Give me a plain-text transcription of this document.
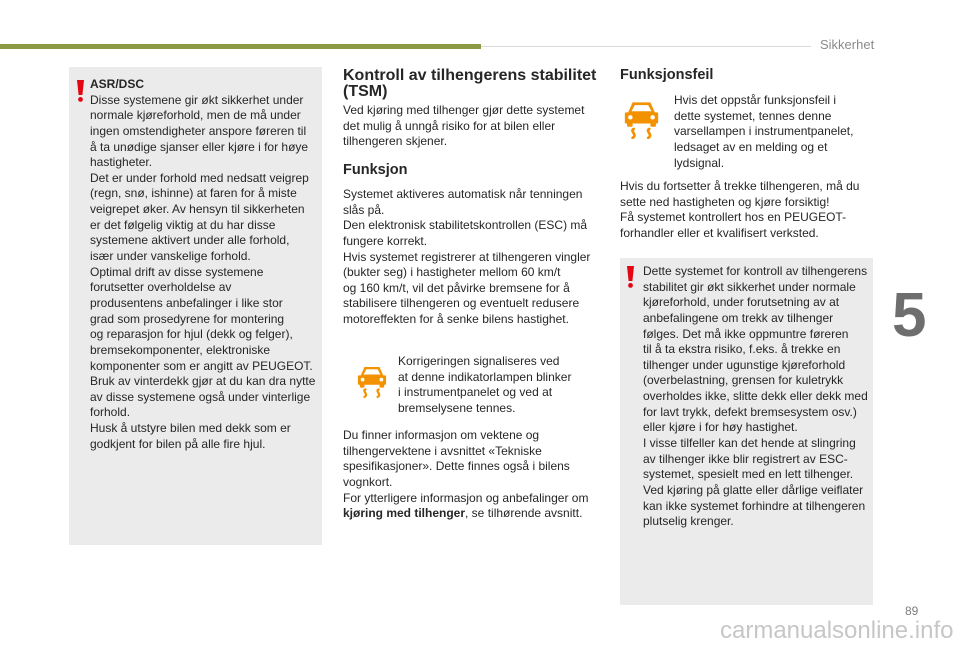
Sikkerhet
ASR/DSC
Disse systemene gir økt sikkerhet under
normale kjøreforhold, men de må under
ingen omstendigheter anspore føreren til
å ta unødige sjanser eller kjøre i for høye
hastigheter.
Det er under forhold med nedsatt veigrep
(regn, snø, ishinne) at faren for å miste
veigrepet øker. Av hensyn til sikkerheten
er det følgelig viktig at du har disse
systemene aktivert under alle forhold,
især under vanskelige forhold.
Optimal drift av disse systemene
forutsetter overholdelse av
produsentens anbefalinger i like stor
grad som prosedyrene for montering
og reparasjon for hjul (dekk og felger),
bremsekomponenter, elektroniske
komponenter som er angitt av PEUGEOT.
Bruk av vinterdekk gjør at du kan dra nytte
av disse systemene også under vinterlige
forhold.
Husk å utstyre bilen med dekk som er
godkjent for bilen på alle fire hjul.
Kontroll av tilhengerens stabilitet
(TSM)
Ved kjøring med tilhenger gjør dette systemet
det mulig å unngå risiko for at bilen eller
tilhengeren skjener.
Funksjon
Systemet aktiveres automatisk når tenningen
slås på.
Den elektronisk stabilitetskontrollen (ESC) må
fungere korrekt.
Hvis systemet registrerer at tilhengeren vingler
(bukter seg) i hastigheter mellom 60 km/t
og 160 km/t, vil det påvirke bremsene for å
stabilisere tilhengeren og eventuelt redusere
motoreffekten for å senke bilens hastighet.
Korrigeringen signaliseres ved
at denne indikatorlampen blinker
i instrumentpanelet og ved at
bremselysene tennes.
Du finner informasjon om vektene og
tilhengervektene i avsnittet «Tekniske
spesifikasjoner». Dette finnes også i bilens
vognkort.
For ytterligere informasjon og anbefalinger om
kjøring med tilhenger, se tilhørende avsnitt.
Funksjonsfeil
Hvis det oppstår funksjonsfeil i
dette systemet, tennes denne
varsellampen i instrumentpanelet,
ledsaget av en melding og et
lydsignal.
Hvis du fortsetter å trekke tilhengeren, må du
sette ned hastigheten og kjøre forsiktig!
Få systemet kontrollert hos en PEUGEOT-
forhandler eller et kvalifisert verksted.
Dette systemet for kontroll av tilhengerens
stabilitet gir økt sikkerhet under normale
kjøreforhold, under forutsetning av at
anbefalingene om trekk av tilhenger
følges. Det må ikke oppmuntre føreren
til å ta ekstra risiko, f.eks. å trekke en
tilhenger under ugunstige kjøreforhold
(overbelastning, grensen for kuletrykk
overholdes ikke, slitte dekk eller dekk med
for lavt trykk, defekt bremsesystem osv.)
eller kjøre i for høy hastighet.
I visse tilfeller kan det hende at slingring
av tilhenger ikke blir registrert av ESC-
systemet, spesielt med en lett tilhenger.
Ved kjøring på glatte eller dårlige veiflater
kan ikke systemet forhindre at tilhengeren
plutselig krenger.
5
89
carmanualsonline.info
